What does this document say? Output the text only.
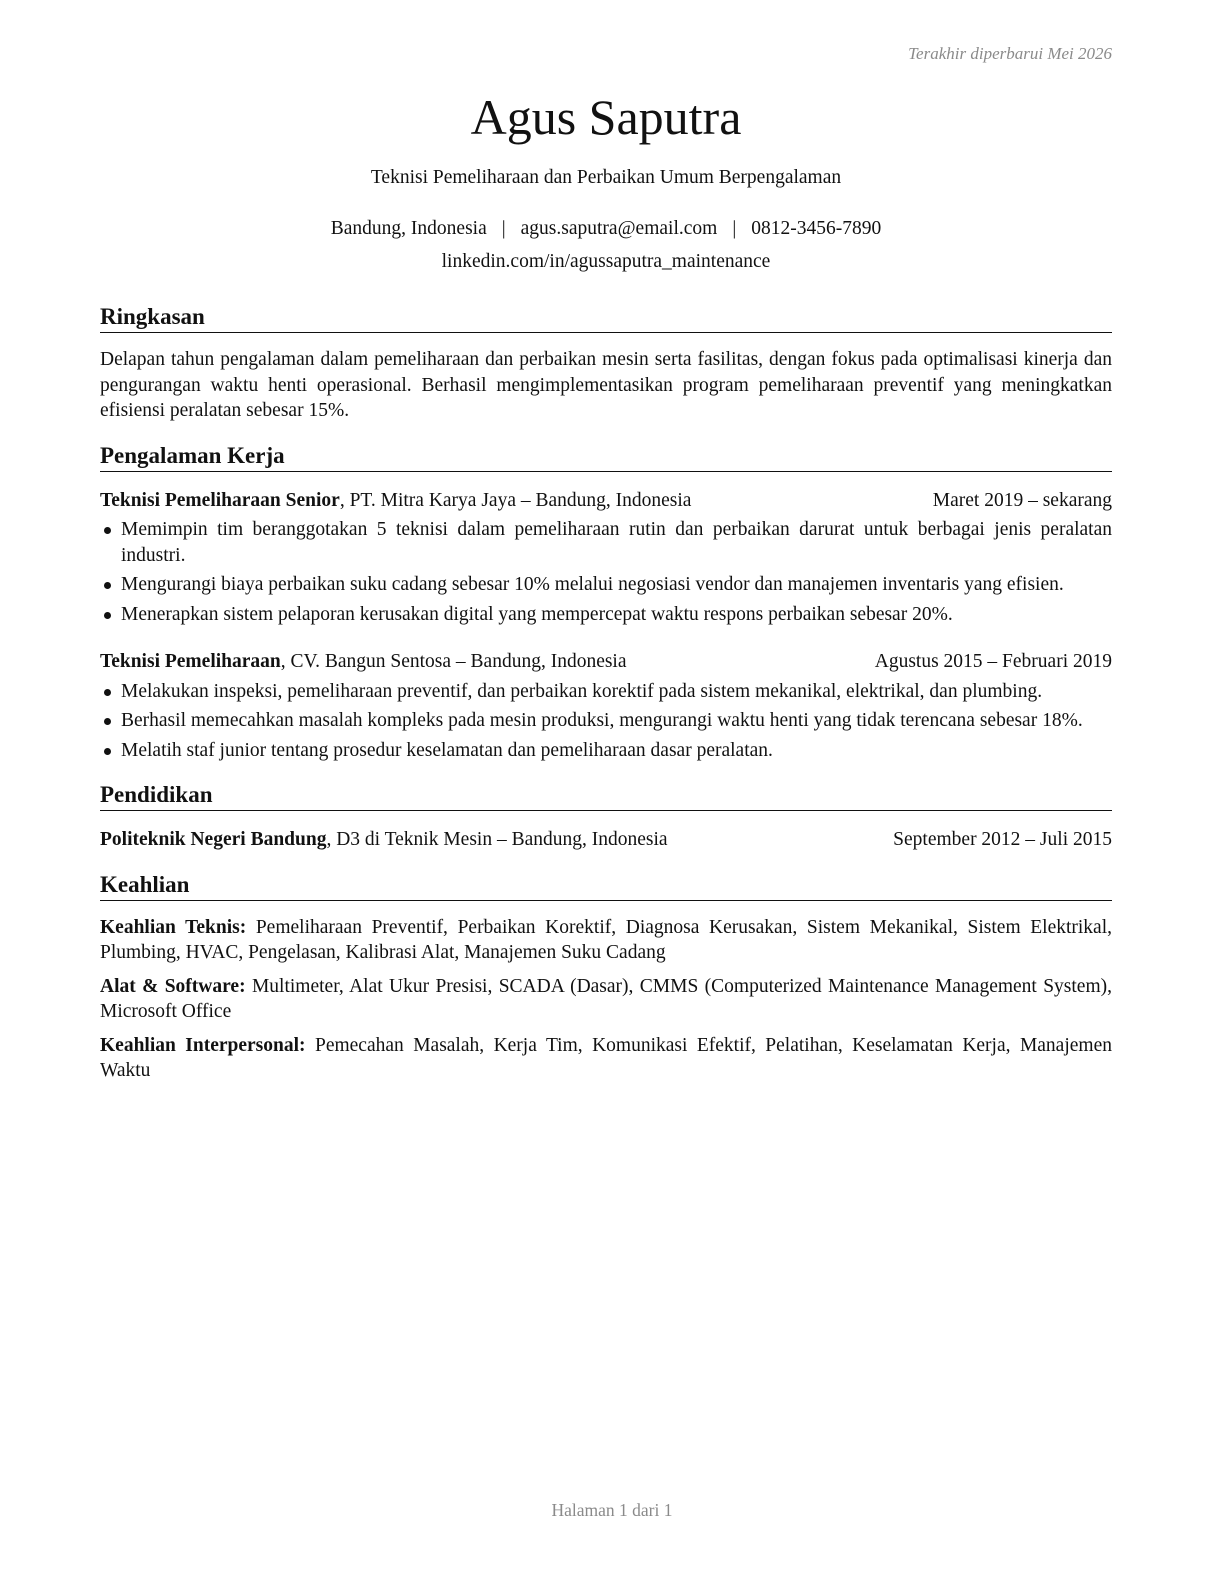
Terakhir diperbarui Mei 2026
Agus Saputra
Teknisi Pemeliharaan dan Perbaikan Umum Berpengalaman
Bandung, Indonesia | agus.saputra@email.com | 0812-3456-7890
linkedin.com/in/agussaputra_maintenance
Ringkasan
Delapan tahun pengalaman dalam pemeliharaan dan perbaikan mesin serta fasilitas, dengan fokus pada optimalisasi kinerja dan pengurangan waktu henti operasional. Berhasil mengimplementasikan program pemeliharaan preventif yang meningkatkan efisiensi peralatan sebesar 15%.
Pengalaman Kerja
Teknisi Pemeliharaan Senior, PT. Mitra Karya Jaya – Bandung, Indonesia	Maret 2019 – sekarang
Memimpin tim beranggotakan 5 teknisi dalam pemeliharaan rutin dan perbaikan darurat untuk berbagai jenis peralatan industri.
Mengurangi biaya perbaikan suku cadang sebesar 10% melalui negosiasi vendor dan manajemen inventaris yang efisien.
Menerapkan sistem pelaporan kerusakan digital yang mempercepat waktu respons perbaikan sebesar 20%.
Teknisi Pemeliharaan, CV. Bangun Sentosa – Bandung, Indonesia	Agustus 2015 – Februari 2019
Melakukan inspeksi, pemeliharaan preventif, dan perbaikan korektif pada sistem mekanikal, elektrikal, dan plumbing.
Berhasil memecahkan masalah kompleks pada mesin produksi, mengurangi waktu henti yang tidak terencana sebesar 18%.
Melatih staf junior tentang prosedur keselamatan dan pemeliharaan dasar peralatan.
Pendidikan
Politeknik Negeri Bandung, D3 di Teknik Mesin – Bandung, Indonesia	September 2012 – Juli 2015
Keahlian
Keahlian Teknis: Pemeliharaan Preventif, Perbaikan Korektif, Diagnosa Kerusakan, Sistem Mekanikal, Sistem Elektrikal, Plumbing, HVAC, Pengelasan, Kalibrasi Alat, Manajemen Suku Cadang
Alat & Software: Multimeter, Alat Ukur Presisi, SCADA (Dasar), CMMS (Computerized Maintenance Management System), Microsoft Office
Keahlian Interpersonal: Pemecahan Masalah, Kerja Tim, Komunikasi Efektif, Pelatihan, Keselamatan Kerja, Manajemen Waktu
Halaman 1 dari 1
